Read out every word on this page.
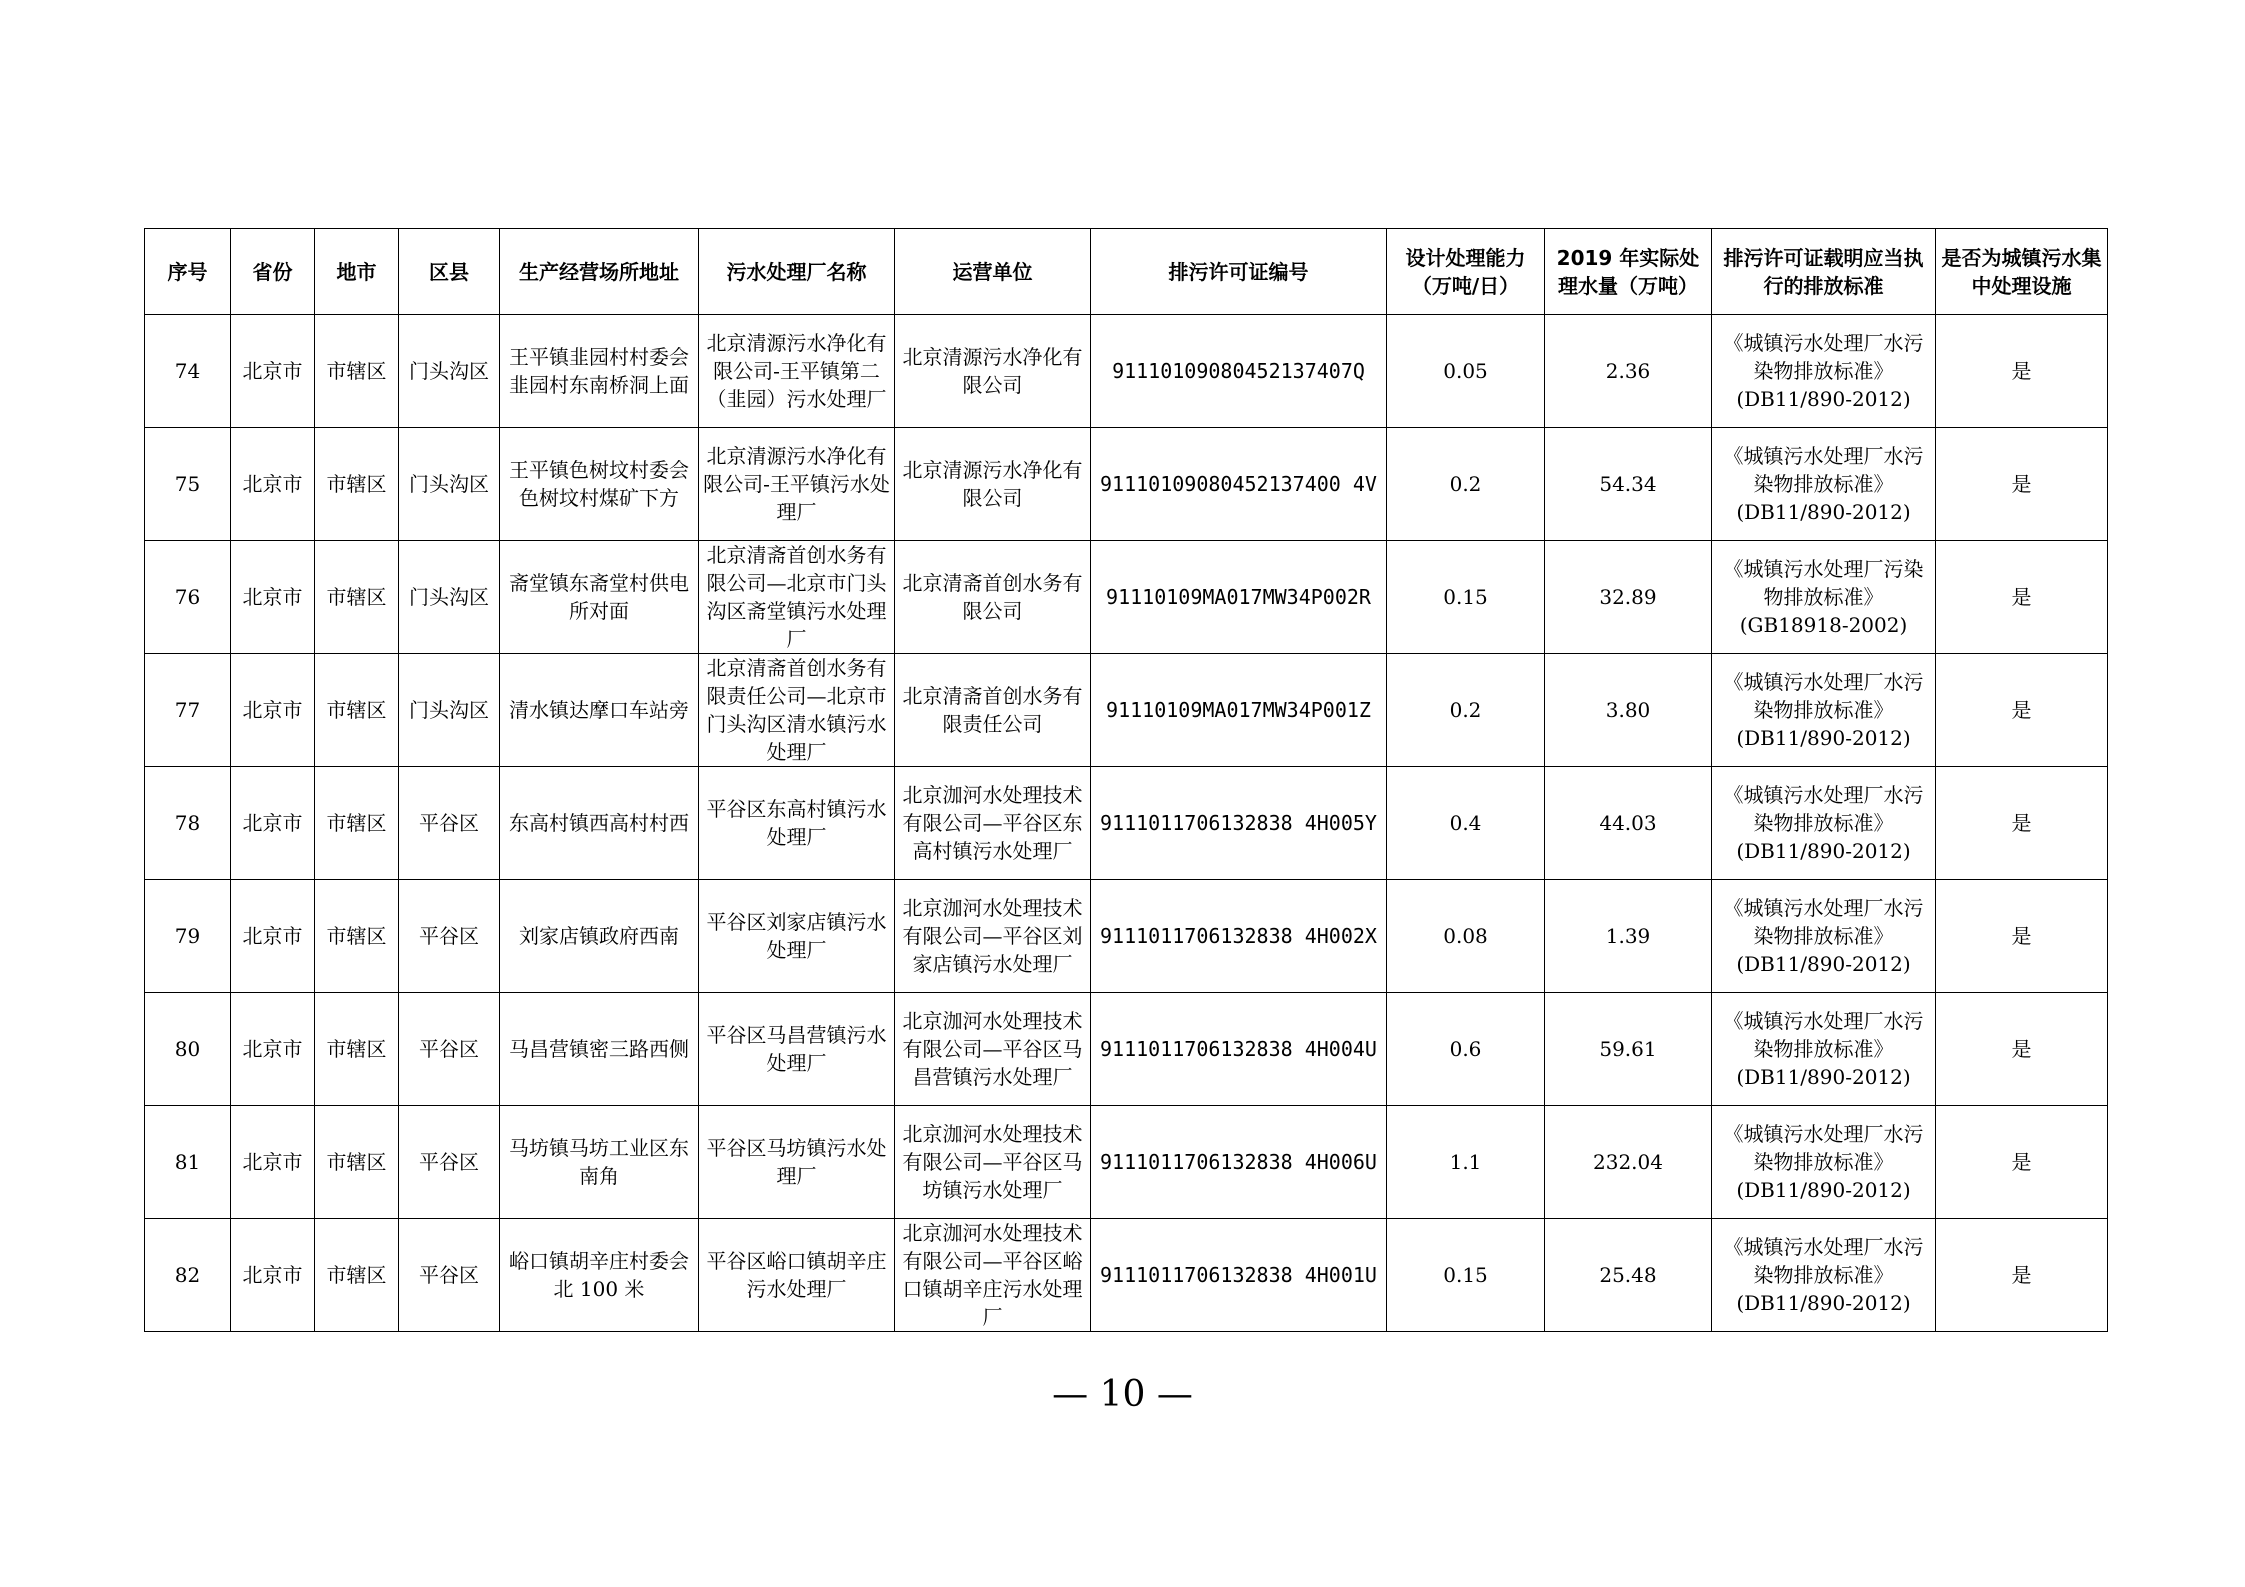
序号	省份	地市	区县	生产经营场所地址	污水处理厂名称	运营单位	排污许可证编号	设计处理能力（万吨/日）	2019 年实际处理水量（万吨）	排污许可证载明应当执行的排放标准	是否为城镇污水集中处理设施
74	北京市	市辖区	门头沟区	王平镇韭园村村委会韭园村东南桥洞上面	北京清源污水净化有限公司-王平镇第二（韭园）污水处理厂	北京清源污水净化有限公司	91110109080452137407Q	0.05	2.36	《城镇污水处理厂水污染物排放标准》(DB11/890-2012)	是
75	北京市	市辖区	门头沟区	王平镇色树坟村委会色树坟村煤矿下方	北京清源污水净化有限公司-王平镇污水处理厂	北京清源污水净化有限公司	91110109080452137400 4V	0.2	54.34	《城镇污水处理厂水污染物排放标准》(DB11/890-2012)	是
76	北京市	市辖区	门头沟区	斋堂镇东斋堂村供电所对面	北京清斋首创水务有限公司—北京市门头沟区斋堂镇污水处理厂	北京清斋首创水务有限公司	91110109MA017MW34P002R	0.15	32.89	《城镇污水处理厂污染物排放标准》(GB18918-2002)	是
77	北京市	市辖区	门头沟区	清水镇达摩口车站旁	北京清斋首创水务有限责任公司—北京市门头沟区清水镇污水处理厂	北京清斋首创水务有限责任公司	91110109MA017MW34P001Z	0.2	3.80	《城镇污水处理厂水污染物排放标准》(DB11/890-2012)	是
78	北京市	市辖区	平谷区	东高村镇西高村村西	平谷区东高村镇污水处理厂	北京泇河水处理技术有限公司—平谷区东高村镇污水处理厂	9111011706132838 4H005Y	0.4	44.03	《城镇污水处理厂水污染物排放标准》(DB11/890-2012)	是
79	北京市	市辖区	平谷区	刘家店镇政府西南	平谷区刘家店镇污水处理厂	北京泇河水处理技术有限公司—平谷区刘家店镇污水处理厂	9111011706132838 4H002X	0.08	1.39	《城镇污水处理厂水污染物排放标准》(DB11/890-2012)	是
80	北京市	市辖区	平谷区	马昌营镇密三路西侧	平谷区马昌营镇污水处理厂	北京泇河水处理技术有限公司—平谷区马昌营镇污水处理厂	9111011706132838 4H004U	0.6	59.61	《城镇污水处理厂水污染物排放标准》(DB11/890-2012)	是
81	北京市	市辖区	平谷区	马坊镇马坊工业区东南角	平谷区马坊镇污水处理厂	北京泇河水处理技术有限公司—平谷区马坊镇污水处理厂	9111011706132838 4H006U	1.1	232.04	《城镇污水处理厂水污染物排放标准》(DB11/890-2012)	是
82	北京市	市辖区	平谷区	峪口镇胡辛庄村委会北 100 米	平谷区峪口镇胡辛庄污水处理厂	北京泇河水处理技术有限公司—平谷区峪口镇胡辛庄污水处理厂	9111011706132838 4H001U	0.15	25.48	《城镇污水处理厂水污染物排放标准》(DB11/890-2012)	是
— 10 —
